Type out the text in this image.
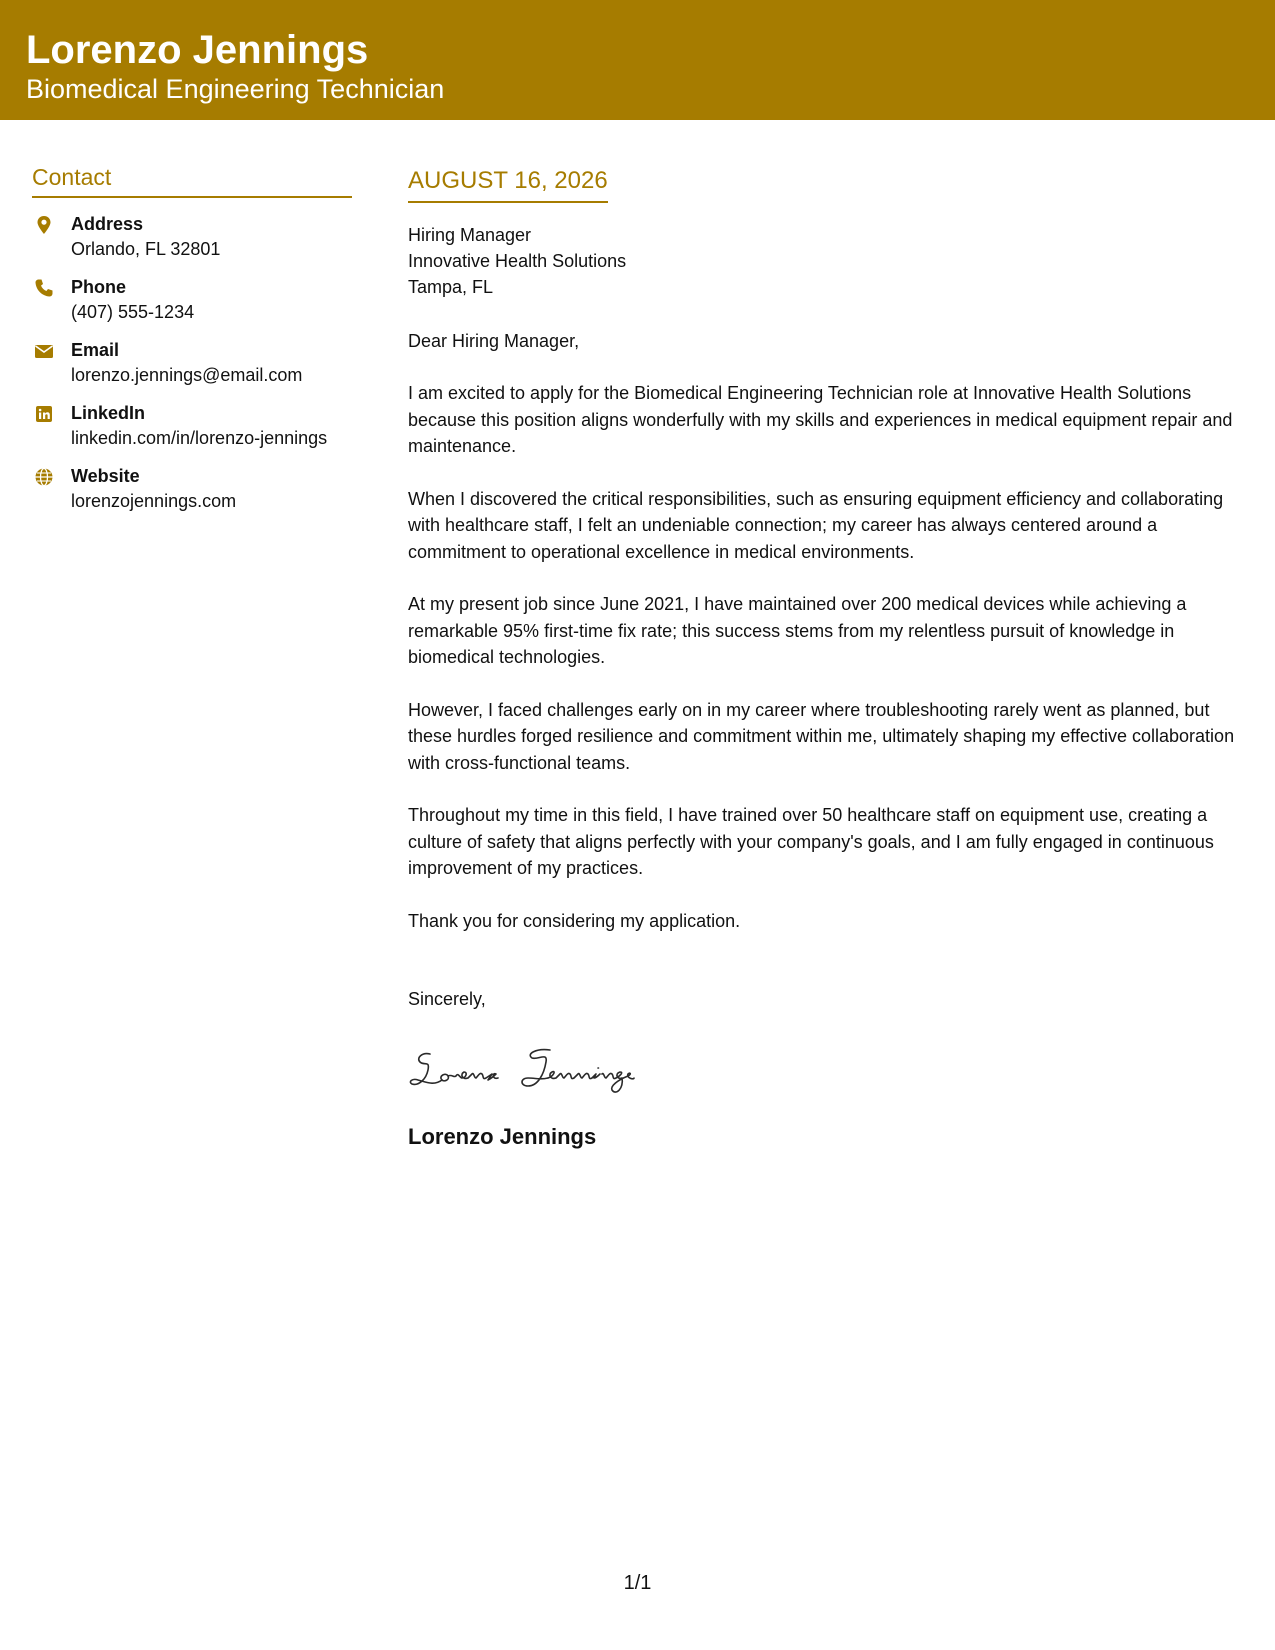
Lorenzo Jennings
Biomedical Engineering Technician
Contact
Address
Orlando, FL 32801
Phone
(407) 555-1234
Email
lorenzo.jennings@email.com
LinkedIn
linkedin.com/in/lorenzo-jennings
Website
lorenzojennings.com
AUGUST 16, 2026
Hiring Manager
Innovative Health Solutions
Tampa, FL
Dear Hiring Manager,
I am excited to apply for the Biomedical Engineering Technician role at Innovative Health Solutions because this position aligns wonderfully with my skills and experiences in medical equipment repair and maintenance.
When I discovered the critical responsibilities, such as ensuring equipment efficiency and collaborating with healthcare staff, I felt an undeniable connection; my career has always centered around a commitment to operational excellence in medical environments.
At my present job since June 2021, I have maintained over 200 medical devices while achieving a remarkable 95% first-time fix rate; this success stems from my relentless pursuit of knowledge in biomedical technologies.
However, I faced challenges early on in my career where troubleshooting rarely went as planned, but these hurdles forged resilience and commitment within me, ultimately shaping my effective collaboration with cross-functional teams.
Throughout my time in this field, I have trained over 50 healthcare staff on equipment use, creating a culture of safety that aligns perfectly with your company's goals, and I am fully engaged in continuous improvement of my practices.
Thank you for considering my application.
Sincerely,
Lorenzo Jennings
1/1
